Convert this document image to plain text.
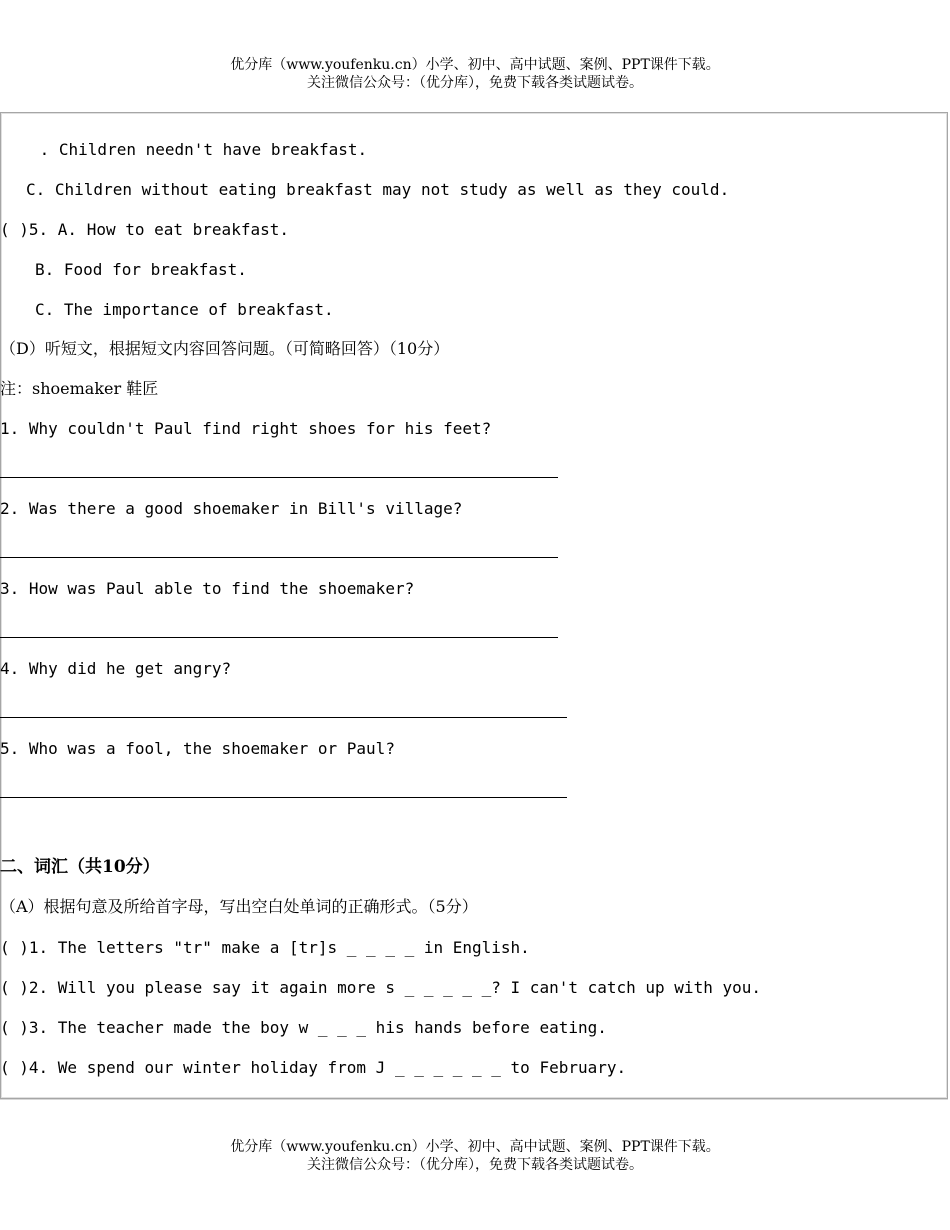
优分库（www.youfenku.cn）小学、初中、高中试题、案例、PPT课件下载。
关注微信公众号：（优分库），免费下载各类试题试卷。
. Children needn't have breakfast.
C. Children without eating breakfast may not study as well as they could.
( )5. A. How to eat breakfast.
B. Food for breakfast.
C. The importance of breakfast.
（D）听短文，根据短文内容回答问题。（可简略回答）（10分）
注：shoemaker 鞋匠
1. Why couldn't Paul find right shoes for his feet?
2. Was there a good shoemaker in Bill's village?
3. How was Paul able to find the shoemaker?
4. Why did he get angry?
5. Who was a fool, the shoemaker or Paul?
二、词汇（共10分）
（A）根据句意及所给首字母，写出空白处单词的正确形式。（5分）
( )1. The letters "tr" make a [tr]s _ _ _ _ in English.
( )2. Will you please say it again more s _ _ _ _ _? I can't catch up with you.
( )3. The teacher made the boy w _ _ _ his hands before eating.
( )4. We spend our winter holiday from J _ _ _ _ _ _ to February.
优分库（www.youfenku.cn）小学、初中、高中试题、案例、PPT课件下载。
关注微信公众号：（优分库），免费下载各类试题试卷。
